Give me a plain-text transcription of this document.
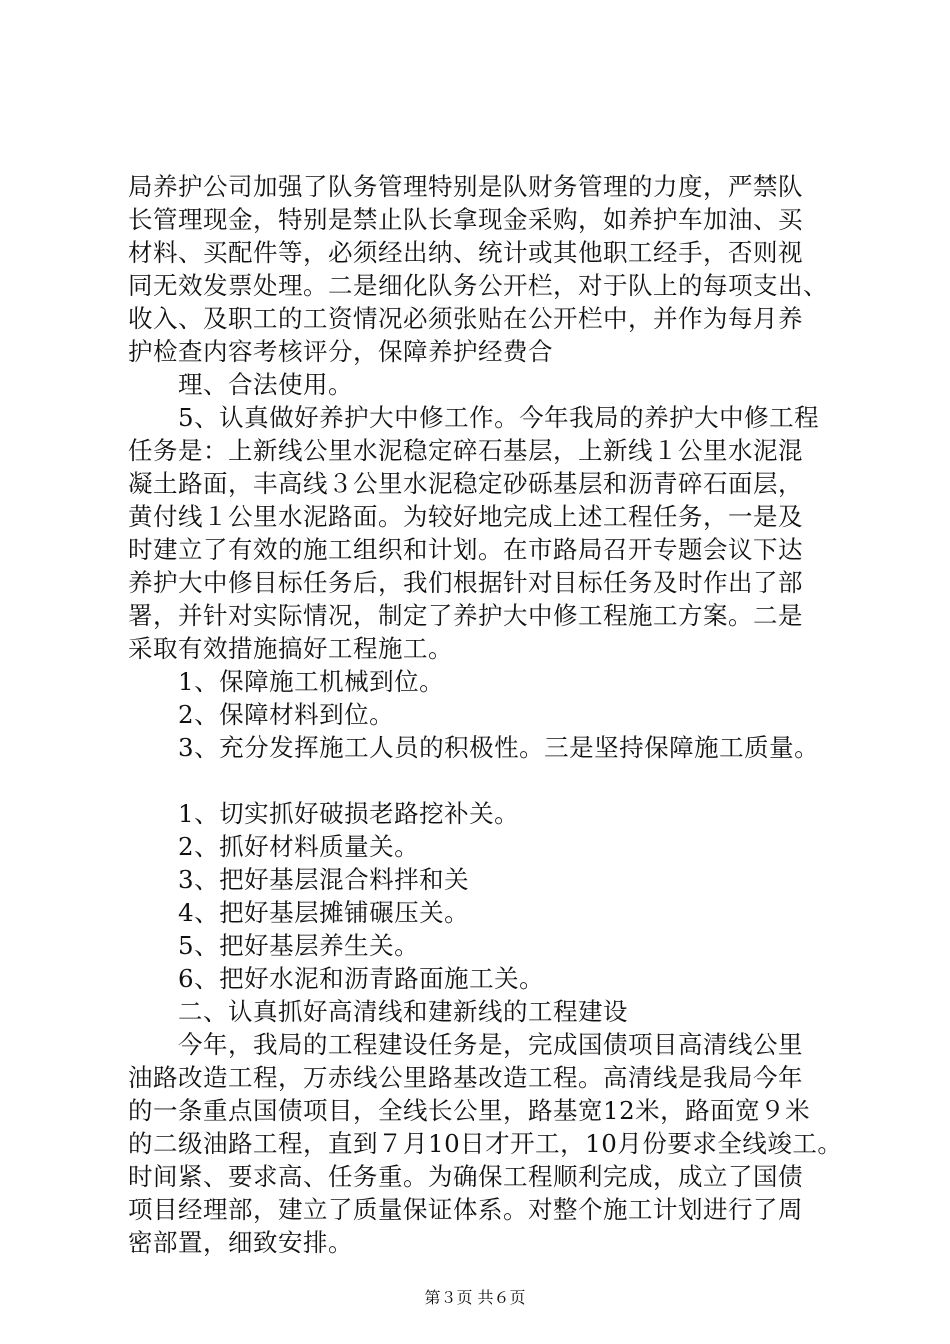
局养护公司加强了队务管理特别是队财务管理的力度，严禁队
长管理现金，特别是禁止队长拿现金采购，如养护车加油、买
材料、买配件等，必须经出纳、统计或其他职工经手，否则视
同无效发票处理。二是细化队务公开栏，对于队上的每项支出、
收入、及职工的工资情况必须张贴在公开栏中，并作为每月养
护检查内容考核评分，保障养护经费合
　　理、合法使用。
　　5、认真做好养护大中修工作。今年我局的养护大中修工程
任务是：上新线公里水泥稳定碎石基层，上新线１公里水泥混
凝土路面，丰高线３公里水泥稳定砂砾基层和沥青碎石面层，
黄付线１公里水泥路面。为较好地完成上述工程任务，一是及
时建立了有效的施工组织和计划。在市路局召开专题会议下达
养护大中修目标任务后，我们根据针对目标任务及时作出了部
署，并针对实际情况，制定了养护大中修工程施工方案。二是
采取有效措施搞好工程施工。
　　1、保障施工机械到位。
　　2、保障材料到位。
　　3、充分发挥施工人员的积极性。三是坚持保障施工质量。
　　1、切实抓好破损老路挖补关。
　　2、抓好材料质量关。
　　3、把好基层混合料拌和关
　　4、把好基层摊铺碾压关。
　　5、把好基层养生关。
　　6、把好水泥和沥青路面施工关。
　　二、认真抓好高清线和建新线的工程建设
　　今年，我局的工程建设任务是，完成国债项目高清线公里
油路改造工程，万赤线公里路基改造工程。高清线是我局今年
的一条重点国债项目，全线长公里，路基宽12米，路面宽９米
的二级油路工程，直到７月10日才开工，10月份要求全线竣工。
时间紧、要求高、任务重。为确保工程顺利完成，成立了国债
项目经理部，建立了质量保证体系。对整个施工计划进行了周
密部置，细致安排。
第３页 共６页
